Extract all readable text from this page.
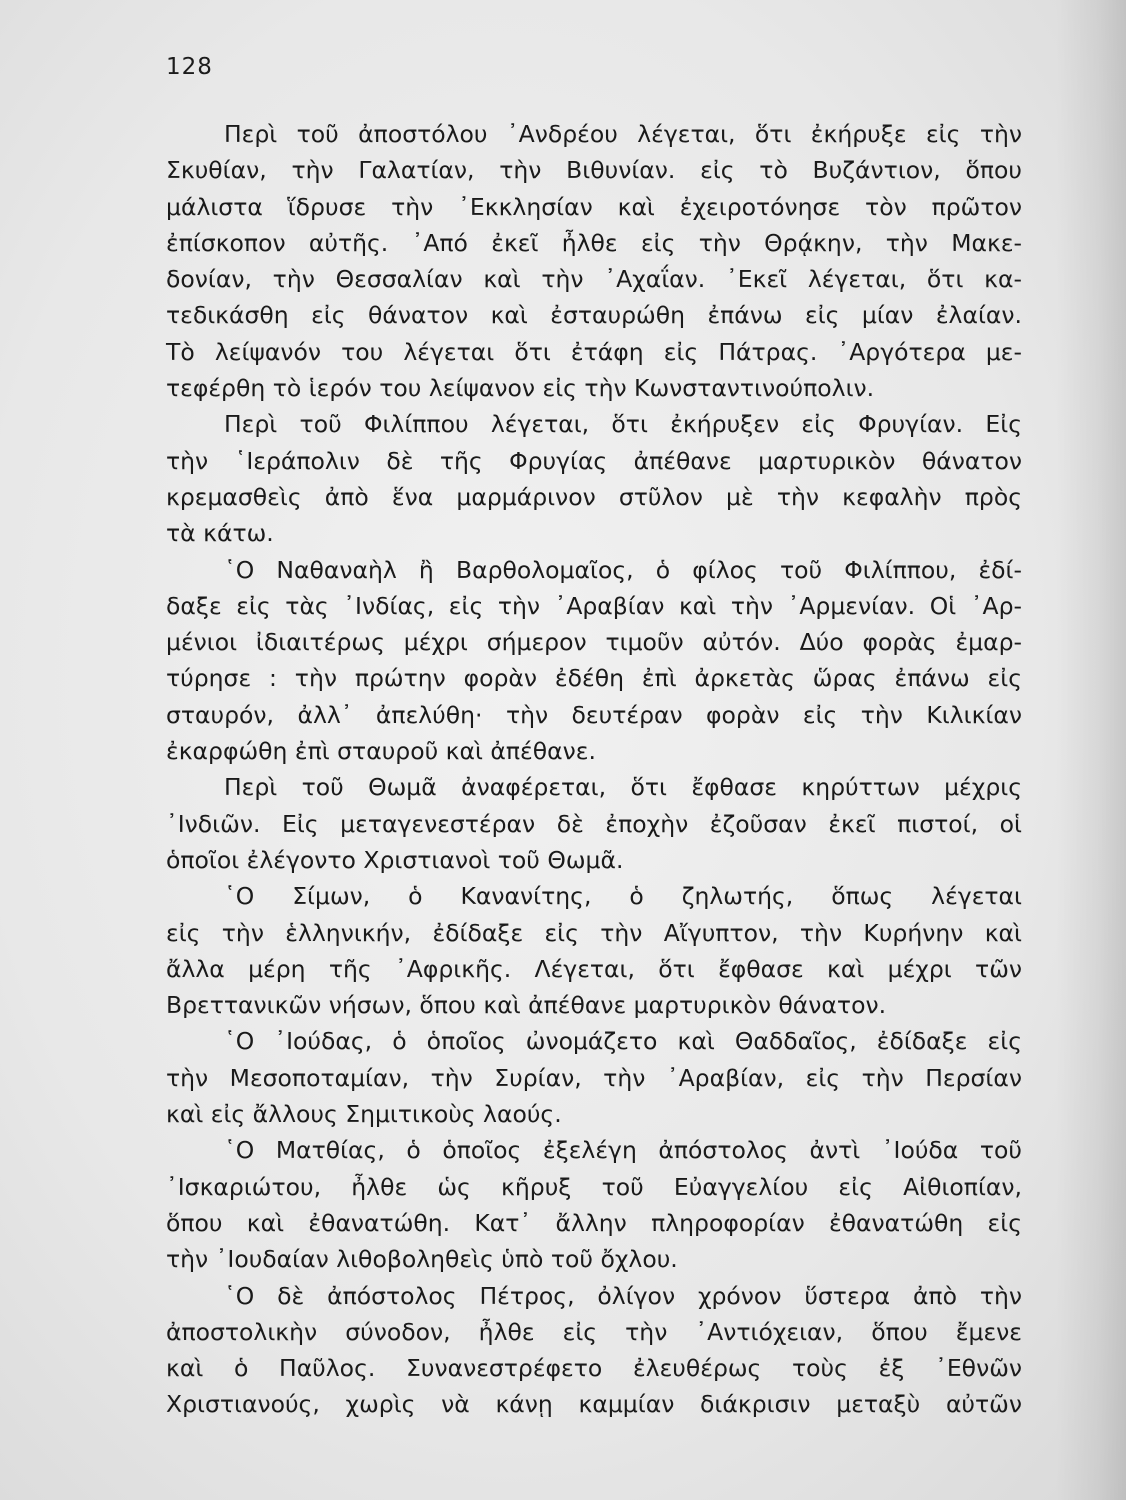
128
Περὶ τοῦ ἀποστόλου ᾿Ανδρέου λέγεται, ὅτι ἐκήρυξε εἰς τὴν
Σκυθίαν, τὴν Γαλατίαν, τὴν Βιθυνίαν. εἰς τὸ Βυζάντιον, ὅπου
μάλιστα ἵδρυσε τὴν ᾿Εκκλησίαν καὶ ἐχειροτόνησε τὸν πρῶτον
ἐπίσκοπον αὐτῆς. ᾿Από ἐκεῖ ἦλθε εἰς τὴν Θρᾴκην, τὴν Μακε-
δονίαν, τὴν Θεσσαλίαν καὶ τὴν ᾿Αχαΐαν. ᾿Εκεῖ λέγεται, ὅτι κα-
τεδικάσθη εἰς θάνατον καὶ ἐσταυρώθη ἐπάνω εἰς μίαν ἐλαίαν.
Τὸ λείψανόν του λέγεται ὅτι ἐτάφη εἰς Πάτρας. ᾿Αργότερα με-
τεφέρθη τὸ ἱερόν του λείψανον εἰς τὴν Κωνσταντινούπολιν.
Περὶ τοῦ Φιλίππου λέγεται, ὅτι ἐκήρυξεν εἰς Φρυγίαν. Εἰς
τὴν ῾Ιεράπολιν δὲ τῆς Φρυγίας ἀπέθανε μαρτυρικὸν θάνατον
κρεμασθεὶς ἀπὸ ἕνα μαρμάρινον στῦλον μὲ τὴν κεφαλὴν πρὸς
τὰ κάτω.
῾Ο Ναθαναὴλ ἢ Βαρθολομαῖος, ὁ φίλος τοῦ Φιλίππου, ἐδί-
δαξε εἰς τὰς ᾿Ινδίας, εἰς τὴν ᾿Αραβίαν καὶ τὴν ᾿Αρμενίαν. Οἱ ᾿Αρ-
μένιοι ἰδιαιτέρως μέχρι σήμερον τιμοῦν αὐτόν. Δύο φορὰς ἐμαρ-
τύρησε : τὴν πρώτην φορὰν ἐδέθη ἐπὶ ἀρκετὰς ὥρας ἐπάνω εἰς
σταυρόν, ἀλλ᾿ ἀπελύθη· τὴν δευτέραν φορὰν εἰς τὴν Κιλικίαν
ἐκαρφώθη ἐπὶ σταυροῦ καὶ ἀπέθανε.
Περὶ τοῦ Θωμᾶ ἀναφέρεται, ὅτι ἔφθασε κηρύττων μέχρις
᾿Ινδιῶν. Εἰς μεταγενεστέραν δὲ ἐποχὴν ἐζοῦσαν ἐκεῖ πιστοί, οἱ
ὁποῖοι ἐλέγοντο Χριστιανοὶ τοῦ Θωμᾶ.
῾Ο Σίμων, ὁ Κανανίτης, ὁ ζηλωτής, ὅπως λέγεται
εἰς τὴν ἑλληνικήν, ἐδίδαξε εἰς τὴν Αἴγυπτον, τὴν Κυρήνην καὶ
ἄλλα μέρη τῆς ᾿Αφρικῆς. Λέγεται, ὅτι ἔφθασε καὶ μέχρι τῶν
Βρεττανικῶν νήσων, ὅπου καὶ ἀπέθανε μαρτυρικὸν θάνατον.
῾Ο ᾿Ιούδας, ὁ ὁποῖος ὠνομάζετο καὶ Θαδδαῖος, ἐδίδαξε εἰς
τὴν Μεσοποταμίαν, τὴν Συρίαν, τὴν ᾿Αραβίαν, εἰς τὴν Περσίαν
καὶ εἰς ἄλλους Σημιτικοὺς λαούς.
῾Ο Ματθίας, ὁ ὁποῖος ἐξελέγη ἀπόστολος ἀντὶ ᾿Ιούδα τοῦ
᾿Ισκαριώτου, ἦλθε ὡς κῆρυξ τοῦ Εὐαγγελίου εἰς Αἰθιοπίαν,
ὅπου καὶ ἐθανατώθη. Κατ᾿ ἄλλην πληροφορίαν ἐθανατώθη εἰς
τὴν ᾿Ιουδαίαν λιθοβοληθεὶς ὑπὸ τοῦ ὄχλου.
῾Ο δὲ ἀπόστολος Πέτρος, ὀλίγον χρόνον ὕστερα ἀπὸ τὴν
ἀποστολικὴν σύνοδον, ἦλθε εἰς τὴν ᾿Αντιόχειαν, ὅπου ἔμενε
καὶ ὁ Παῦλος. Συνανεστρέφετο ἐλευθέρως τοὺς ἐξ ᾿Εθνῶν
Χριστιανούς, χωρὶς νὰ κάνῃ καμμίαν διάκρισιν μεταξὺ αὐτῶν
